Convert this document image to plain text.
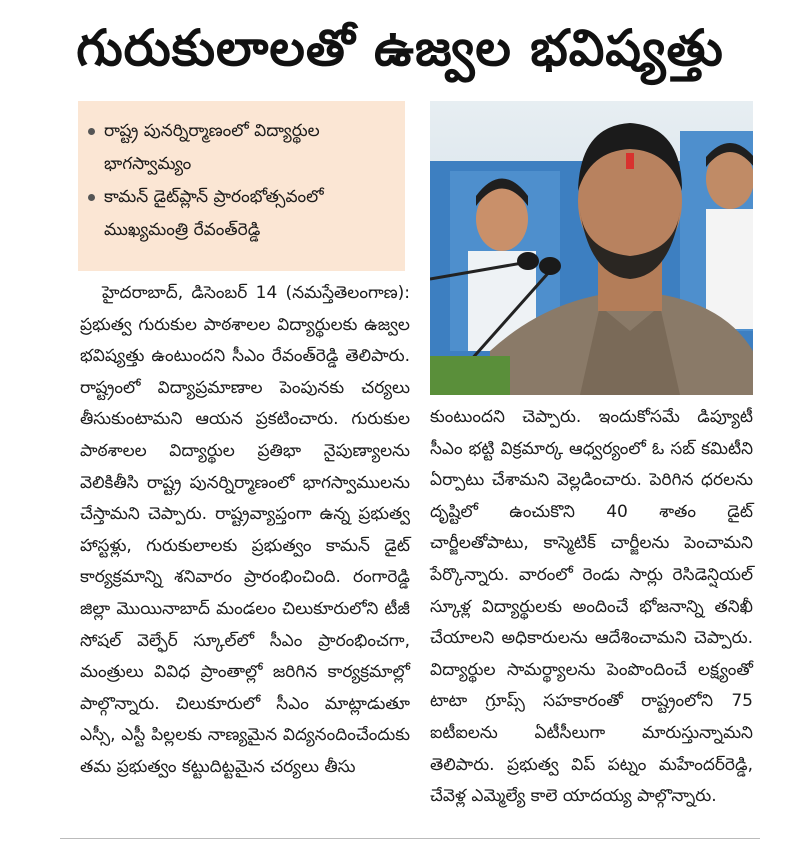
గురుకులాలతో ఉజ్వల భవిష్యత్తు
రాష్ట్ర పునర్నిర్మాణంలో విద్యార్థుల భాగస్వామ్యం
కామన్ డైట్‌ప్లాన్ ప్రారంభోత్సవంలో ముఖ్యమంత్రి రేవంత్‌రెడ్డి

హైదరాబాద్, డిసెంబర్ 14 (నమస్తేతెలంగాణ): ప్రభుత్వ గురుకుల పాఠశాలల విద్యార్థులకు ఉజ్వల భవిష్యత్తు ఉంటుందని సీఎం రేవంత్‌రెడ్డి తెలిపారు. రాష్ట్రంలో విద్యాప్రమాణాల పెంపునకు చర్యలు తీసుకుంటామని ఆయన ప్రకటించారు. గురుకుల పాఠశాలల విద్యార్థుల ప్రతిభా నైపుణ్యాలను వెలికితీసి రాష్ట్ర పునర్నిర్మాణంలో భాగస్వాములను చేస్తామని చెప్పారు. రాష్ట్రవ్యాప్తంగా ఉన్న ప్రభుత్వ హాస్టళ్లు, గురుకులాలకు ప్రభుత్వం కామన్ డైట్ కార్యక్రమాన్ని శనివారం ప్రారంభించింది. రంగారెడ్డి జిల్లా మొయినాబాద్ మండలం చిలుకూరులోని టీజీ సోషల్ వెల్ఫేర్ స్కూల్‌లో సీఎం ప్రారంభించగా, మంత్రులు వివిధ ప్రాంతాల్లో జరిగిన కార్యక్రమాల్లో పాల్గొన్నారు. చిలుకూరులో సీఎం మాట్లాడుతూ ఎస్సీ, ఎస్టీ పిల్లలకు నాణ్యమైన విద్యనందించేందుకు తమ ప్రభుత్వం కట్టుదిట్టమైన చర్యలు తీసు

కుంటుందని చెప్పారు. ఇందుకోసమే డిప్యూటీ సీఎం భట్టి విక్రమార్క ఆధ్వర్యంలో ఓ సబ్ కమిటీని ఏర్పాటు చేశామని వెల్లడించారు. పెరిగిన ధరలను దృష్టిలో ఉంచుకొని 40 శాతం డైట్ చార్జీలతోపాటు, కాస్మెటిక్ చార్జీలను పెంచామని పేర్కొన్నారు. వారంలో రెండు సార్లు రెసిడెన్షియల్ స్కూళ్ల విద్యార్థులకు అందించే భోజనాన్ని తనిఖీ చేయాలని అధికారులను ఆదేశించామని చెప్పారు. విద్యార్థుల సామర్థ్యాలను పెంపొందించే లక్ష్యంతో టాటా గ్రూప్స్ సహకారంతో రాష్ట్రంలోని 75 ఐటీఐలను ఏటీసీలుగా మారుస్తున్నామని తెలిపారు. ప్రభుత్వ విప్ పట్నం మహేందర్‌రెడ్డి, చేవెళ్ల ఎమ్మెల్యే కాలె యాదయ్య పాల్గొన్నారు.
